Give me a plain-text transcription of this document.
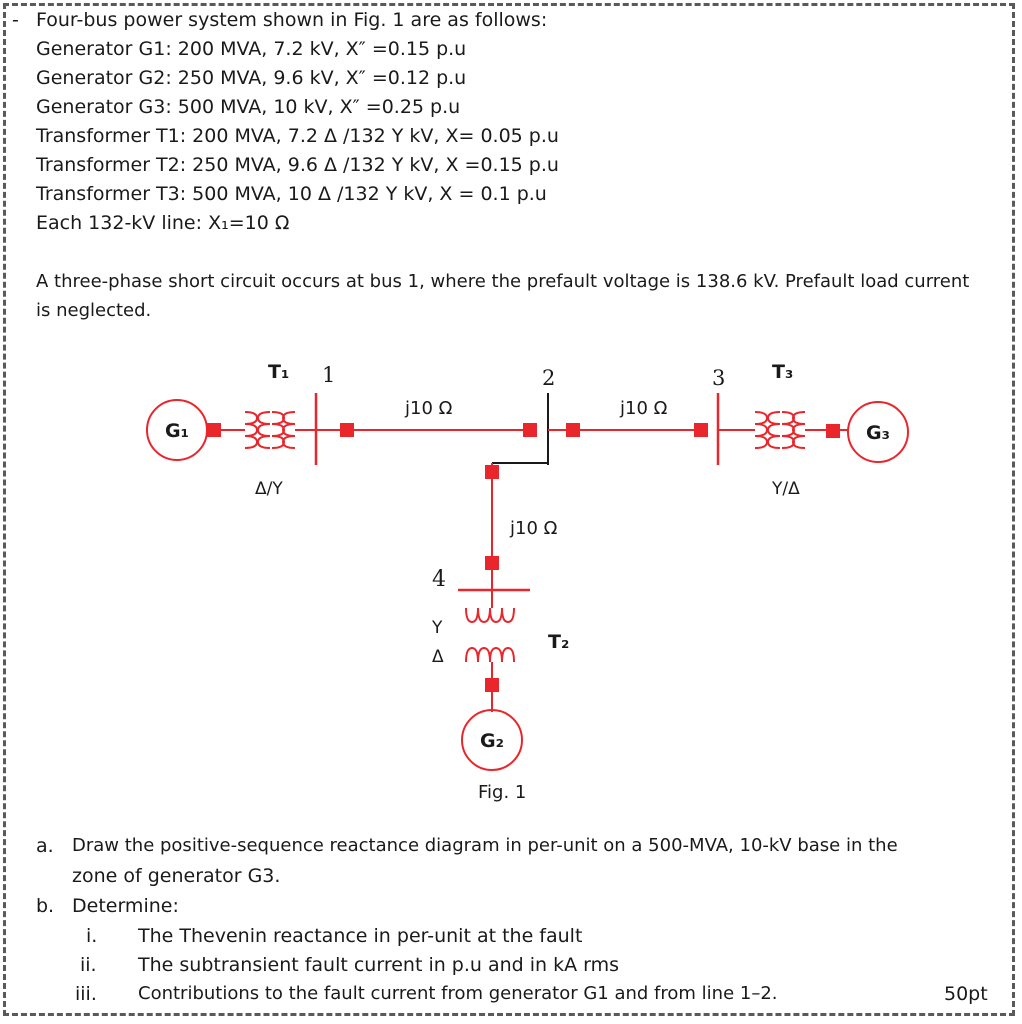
- Four-bus power system shown in Fig. 1 are as follows:
Generator G1: 200 MVA, 7.2 kV, X″ =0.15 p.u
Generator G2: 250 MVA, 9.6 kV, X″ =0.12 p.u
Generator G3: 500 MVA, 10 kV, X″ =0.25 p.u
Transformer T1: 200 MVA, 7.2 Δ /132 Y kV, X= 0.05 p.u
Transformer T2: 250 MVA, 9.6 Δ /132 Y kV, X =0.15 p.u
Transformer T3: 500 MVA, 10 Δ /132 Y kV, X = 0.1 p.u
Each 132-kV line: X₁=10 Ω
A three-phase short circuit occurs at bus 1, where the prefault voltage is 138.6 kV. Prefault load current
is neglected.
G₁	G₃
G₂
T₁	T₃
T₂
1	2	3
4
j10 Ω	j10 Ω
j10 Ω
Δ/Y	Y/Δ
Y
Δ
Fig. 1
a. Draw the positive-sequence reactance diagram in per-unit on a 500-MVA, 10-kV base in the
zone of generator G3.
b. Determine:
i. The Thevenin reactance in per-unit at the fault
ii. The subtransient fault current in p.u and in kA rms
iii. Contributions to the fault current from generator G1 and from line 1–2.	50pt
